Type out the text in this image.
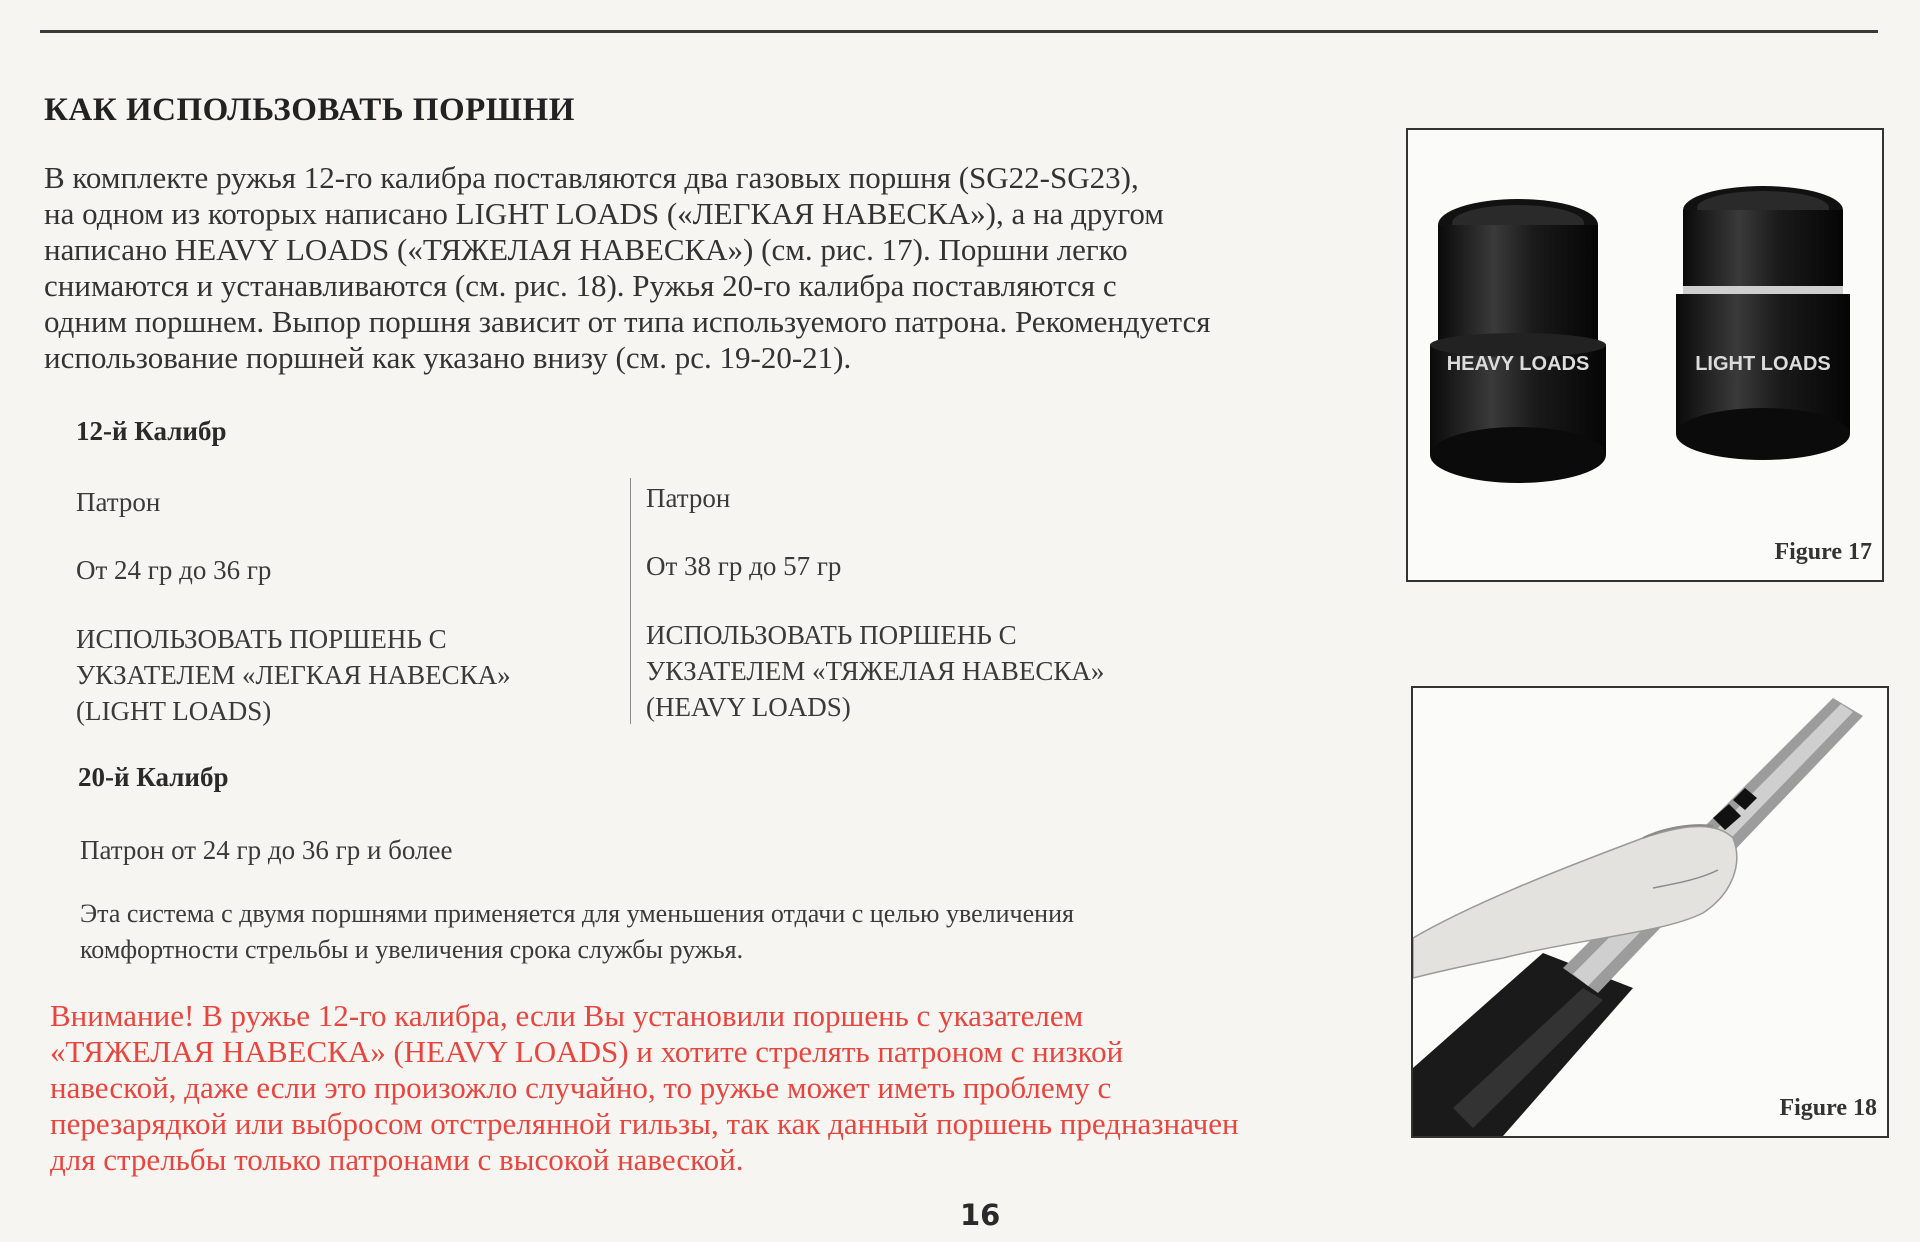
КАК ИСПОЛЬЗОВАТЬ ПОРШНИ
В комплекте ружья 12-го калибра поставляются два газовых поршня (SG22-SG23),
на одном из которых написано LIGHT LOADS («ЛЕГКАЯ НАВЕСКА»), а на другом
написано HEAVY LOADS («ТЯЖЕЛАЯ НАВЕСКА») (см. рис. 17). Поршни легко
снимаются и устанавливаются (см. рис. 18). Ружья 20-го калибра поставляются с
одним поршнем. Выпор поршня зависит от типа используемого патрона. Рекомендуется
использование поршней как указано внизу (см. рс. 19-20-21).
12-й Калибр
Патрон
От 24 гр до 36 гр
ИСПОЛЬЗОВАТЬ ПОРШЕНЬ С
УКЗАТЕЛЕМ «ЛЕГКАЯ НАВЕСКА»
(LIGHT LOADS)
Патрон
От 38 гр до 57 гр
ИСПОЛЬЗОВАТЬ ПОРШЕНЬ С
УКЗАТЕЛЕМ «ТЯЖЕЛАЯ НАВЕСКА»
(HEAVY LOADS)
20-й Калибр
Патрон от 24 гр до 36 гр и более
Эта система с двумя поршнями применяется для уменьшения отдачи с целью увеличения
комфортности стрельбы и увеличения срока службы ружья.
Внимание! В ружье 12-го калибра, если Вы установили поршень с указателем
«ТЯЖЕЛАЯ НАВЕСКА» (HEAVY LOADS) и хотите стрелять патроном с низкой
навеской, даже если это произожло случайно, то ружье может иметь проблему с
перезарядкой или выбросом отстрелянной гильзы, так как данный поршень предназначен
для стрельбы только патронами с высокой навеской.
16
HEAVY LOADS	LIGHT LOADS
Figure 17
Figure 18
